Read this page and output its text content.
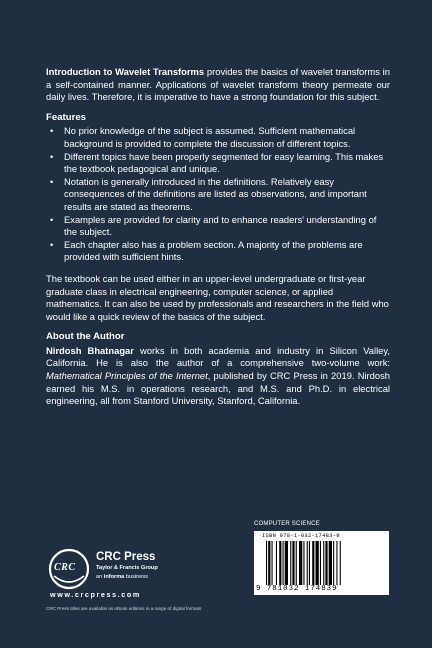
Introduction to Wavelet Transforms provides the basics of wavelet transforms in a self-contained manner. Applications of wavelet transform theory permeate our daily lives. Therefore, it is imperative to have a strong foundation for this subject.

Features

• No prior knowledge of the subject is assumed. Sufficient mathematical background is provided to complete the discussion of different topics.
• Different topics have been properly segmented for easy learning. This makes the textbook pedagogical and unique.
• Notation is generally introduced in the definitions. Relatively easy consequences of the definitions are listed as observations, and important results are stated as theorems.
• Examples are provided for clarity and to enhance readers' understanding of the subject.
• Each chapter also has a problem section. A majority of the problems are provided with sufficient hints.

The textbook can be used either in an upper-level undergraduate or first-year graduate class in electrical engineering, computer science, or applied mathematics. It can also be used by professionals and researchers in the field who would like a quick review of the basics of the subject.

About the Author

Nirdosh Bhatnagar works in both academia and industry in Silicon Valley, California. He is also the author of a comprehensive two-volume work: Mathematical Principles of the Internet, published by CRC Press in 2019. Nirdosh earned his M.S. in operations research, and M.S. and Ph.D. in electrical engineering, all from Stanford University, Stanford, California.

COMPUTER SCIENCE
ISBN 978-1-032-17483-9
9 781032 174839
CRC
CRC Press
Taylor & Francis Group
an informa business
www.crcpress.com
CRC Press titles are available as eBook editions in a range of digital formats
